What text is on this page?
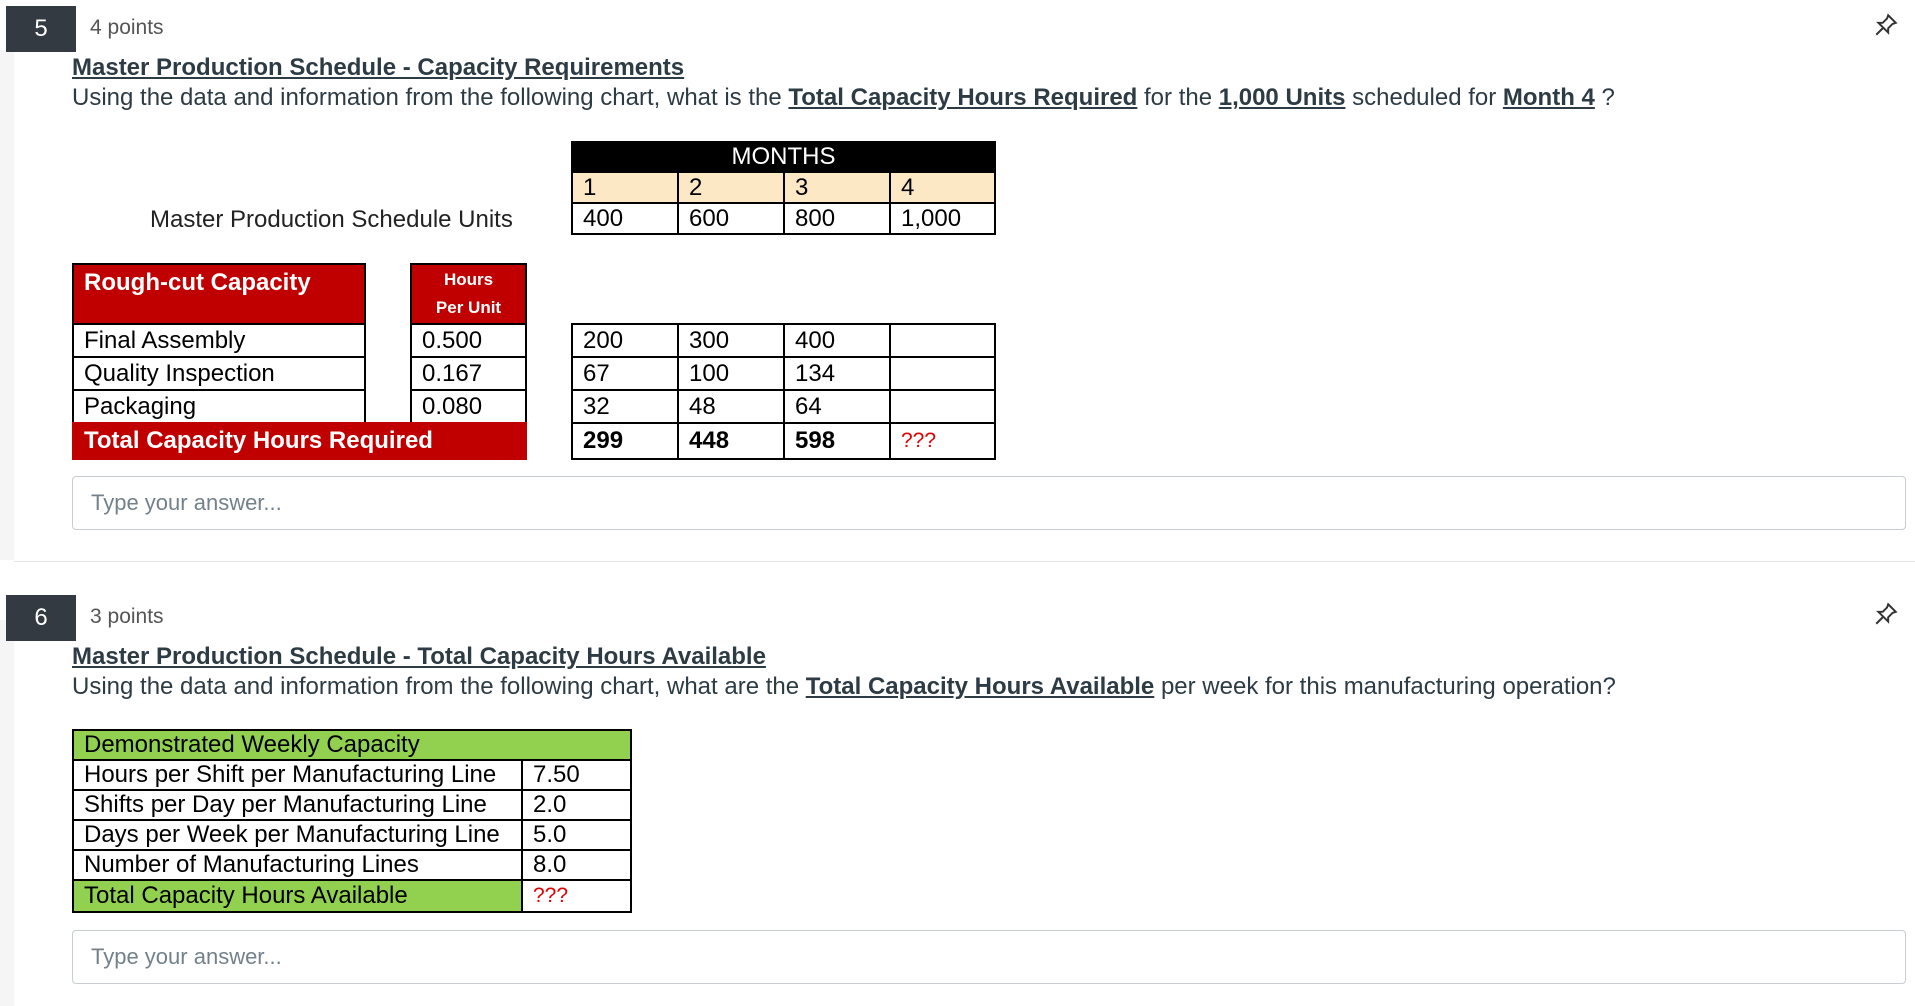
5	4 points
Master Production Schedule - Capacity Requirements
Using the data and information from the following chart, what is the Total Capacity Hours Required for the 1,000 Units scheduled for Month 4 ?
Master Production Schedule Units
MONTHS
1	2	3	4
400	600	800	1,000
Rough-cut Capacity	Hours
Per Unit
Final Assembly	0.500
Quality Inspection	0.167
Packaging	0.080
Total Capacity Hours Required
200	300	400
67	100	134
32	48	64
299	448	598	???
Type your answer...
6	3 points
Master Production Schedule - Total Capacity Hours Available
Using the data and information from the following chart, what are the Total Capacity Hours Available per week for this manufacturing operation?
Demonstrated Weekly Capacity
Hours per Shift per Manufacturing Line	7.50
Shifts per Day per Manufacturing Line	2.0
Days per Week per Manufacturing Line	5.0
Number of Manufacturing Lines	8.0
Total Capacity Hours Available	???
Type your answer...
